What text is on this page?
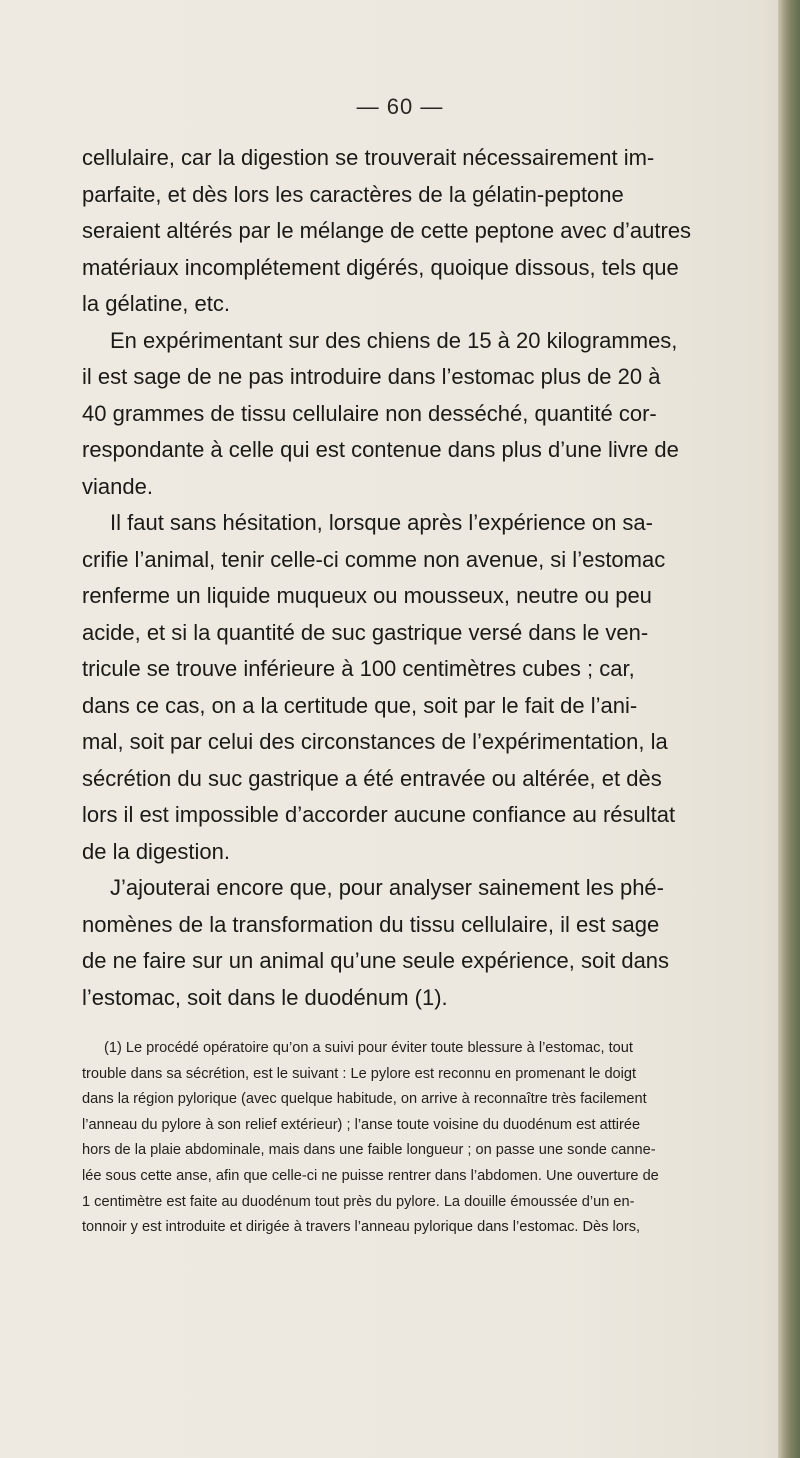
— 60 —

cellulaire, car la digestion se trouverait nécessairement im-
parfaite, et dès lors les caractères de la gélatin-peptone
seraient altérés par le mélange de cette peptone avec d’autres
matériaux incomplétement digérés, quoique dissous, tels que
la gélatine, etc.

En expérimentant sur des chiens de 15 à 20 kilogrammes,
il est sage de ne pas introduire dans l’estomac plus de 20 à
40 grammes de tissu cellulaire non desséché, quantité cor-
respondante à celle qui est contenue dans plus d’une livre de
viande.

Il faut sans hésitation, lorsque après l’expérience on sa-
crifie l’animal, tenir celle-ci comme non avenue, si l’estomac
renferme un liquide muqueux ou mousseux, neutre ou peu
acide, et si la quantité de suc gastrique versé dans le ven-
tricule se trouve inférieure à 100 centimètres cubes ; car,
dans ce cas, on a la certitude que, soit par le fait de l’ani-
mal, soit par celui des circonstances de l’expérimentation, la
sécrétion du suc gastrique a été entravée ou altérée, et dès
lors il est impossible d’accorder aucune confiance au résultat
de la digestion.

J’ajouterai encore que, pour analyser sainement les phé-
nomènes de la transformation du tissu cellulaire, il est sage
de ne faire sur un animal qu’une seule expérience, soit dans
l’estomac, soit dans le duodénum (1).

(1) Le procédé opératoire qu’on a suivi pour éviter toute blessure à l’estomac, tout
trouble dans sa sécrétion, est le suivant : Le pylore est reconnu en promenant le doigt
dans la région pylorique (avec quelque habitude, on arrive à reconnaître très facilement
l’anneau du pylore à son relief extérieur) ; l’anse toute voisine du duodénum est attirée
hors de la plaie abdominale, mais dans une faible longueur ; on passe une sonde canne-
lée sous cette anse, afin que celle-ci ne puisse rentrer dans l’abdomen. Une ouverture de
1 centimètre est faite au duodénum tout près du pylore. La douille émoussée d’un en-
tonnoir y est introduite et dirigée à travers l’anneau pylorique dans l’estomac. Dès lors,
